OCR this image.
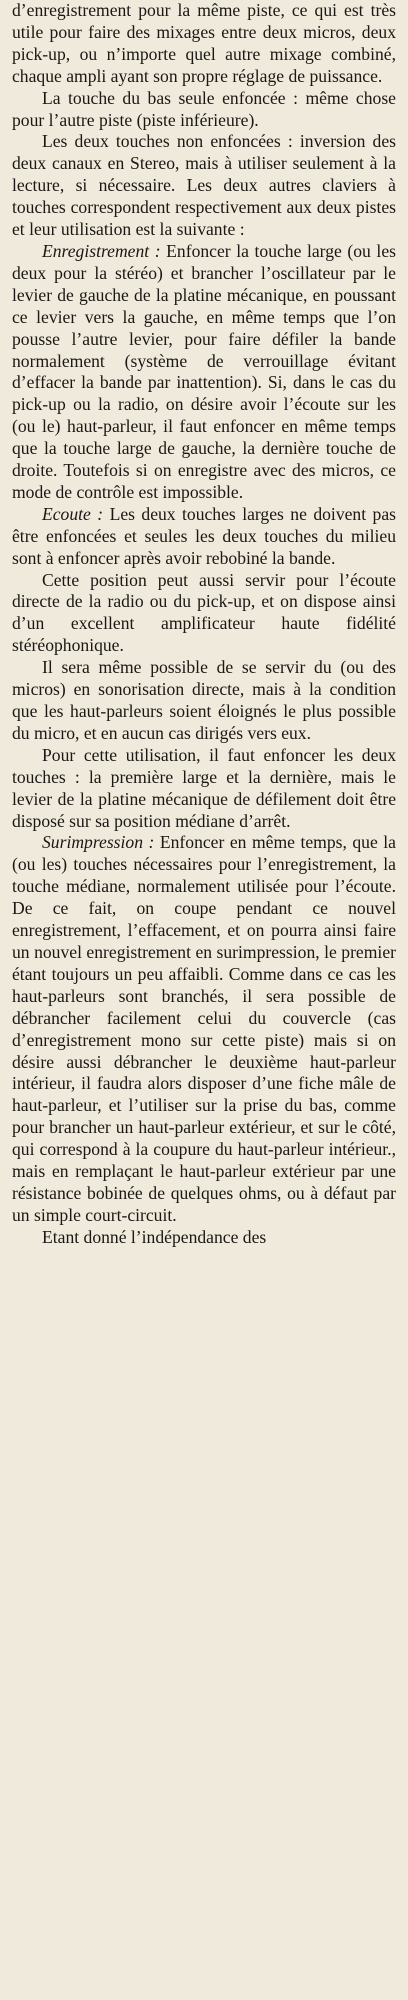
d’enregistrement pour la même piste, ce qui est très utile pour faire des mixages entre deux micros, deux pick-up, ou n’importe quel autre mixage combiné, chaque ampli ayant son propre réglage de puissance.

La touche du bas seule enfoncée : même chose pour l’autre piste (piste inférieure).

Les deux touches non enfoncées : inversion des deux canaux en Stereo, mais à utiliser seulement à la lecture, si nécessaire. Les deux autres claviers à touches correspondent respectivement aux deux pistes et leur utilisation est la suivante :

Enregistrement : Enfoncer la touche large (ou les deux pour la stéréo) et brancher l’oscillateur par le levier de gauche de la platine mécanique, en poussant ce levier vers la gauche, en même temps que l’on pousse l’autre levier, pour faire défiler la bande normalement (système de verrouillage évitant d’effacer la bande par inattention). Si, dans le cas du pick-up ou la radio, on désire avoir l’écoute sur les (ou le) haut-parleur, il faut enfoncer en même temps que la touche large de gauche, la dernière touche de droite. Toutefois si on enregistre avec des micros, ce mode de contrôle est impossible.

Ecoute : Les deux touches larges ne doivent pas être enfoncées et seules les deux touches du milieu sont à enfoncer après avoir rebobiné la bande.

Cette position peut aussi servir pour l’écoute directe de la radio ou du pick-up, et on dispose ainsi d’un excellent amplificateur haute fidélité stéréophonique.

Il sera même possible de se servir du (ou des micros) en sonorisation directe, mais à la condition que les haut-parleurs soient éloignés le plus possible du micro, et en aucun cas dirigés vers eux.

Pour cette utilisation, il faut enfoncer les deux touches : la première large et la dernière, mais le levier de la platine mécanique de défilement doit être disposé sur sa position médiane d’arrêt.

Surimpression : Enfoncer en même temps, que la (ou les) touches nécessaires pour l’enregistrement, la touche médiane, normalement utilisée pour l’écoute. De ce fait, on coupe pendant ce nouvel enregistrement, l’effacement, et on pourra ainsi faire un nouvel enregistrement en surimpression, le premier étant toujours un peu affaibli. Comme dans ce cas les haut-parleurs sont branchés, il sera possible de débrancher facilement celui du couvercle (cas d’enregistrement mono sur cette piste) mais si on désire aussi débrancher le deuxième haut-parleur intérieur, il faudra alors disposer d’une fiche mâle de haut-parleur, et l’utiliser sur la prise du bas, comme pour brancher un haut-parleur extérieur, et sur le côté, qui correspond à la coupure du haut-parleur intérieur., mais en remplaçant le haut-parleur extérieur par une résistance bobinée de quelques ohms, ou à défaut par un simple court-circuit.

Etant donné l’indépendance des
